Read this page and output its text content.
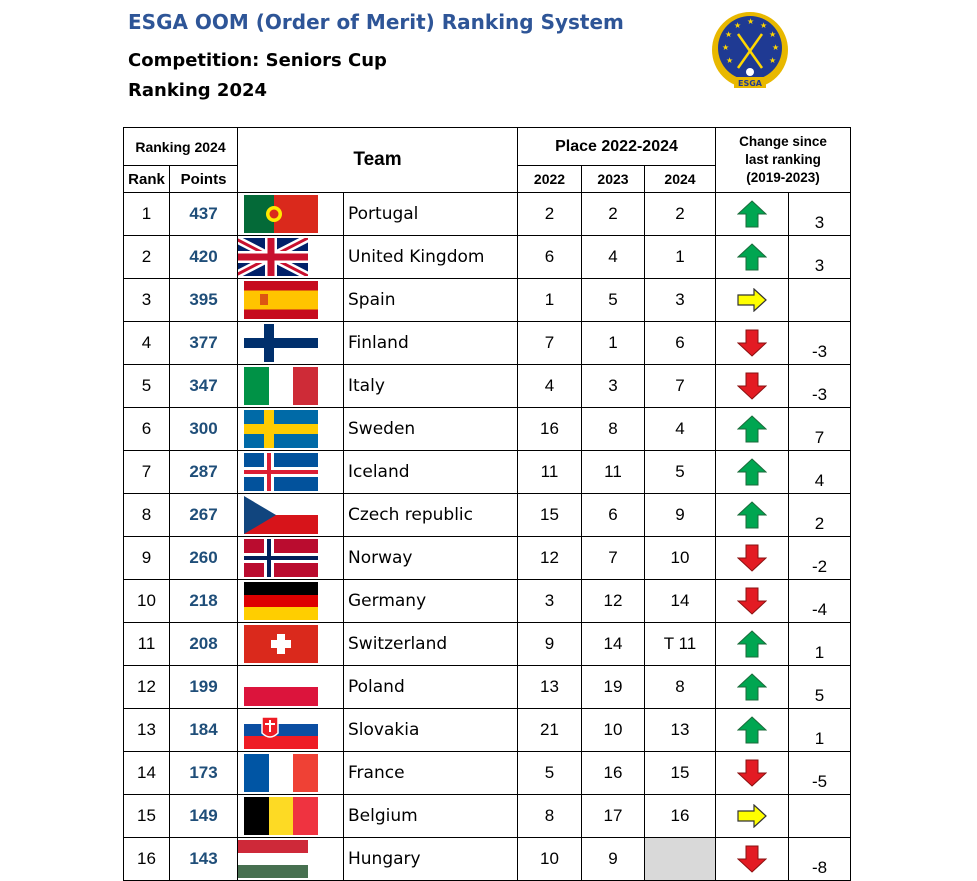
ESGA OOM (Order of Merit) Ranking System
Competition: Seniors Cup
Ranking 2024
★ ★
★
★
★
★
★
★	★
ESGA
Ranking 2024		Team		Place 2022-2024			Change since
last ranking
(2019-2023)	

Rank	Points			2022	2023	2024		
1	437		Portugal	2	2	2		3
2	420		United Kingdom	6	4	1		3
3	395		Spain	1	5	3	

4	377		Finland	7	1	6		-3
5	347		Italy	4	3	7		-3
6	300		Sweden	16	8	4		7
7	287		Iceland	11	11	5		4
8	267		Czech republic	15	6	9		2
9	260		Norway	12	7	10		-2
10	218		Germany	3	12	14		-4
11	208		Switzerland	9	14	T 11		1
12	199		Poland	13	19	8		5
13	184		Slovakia	21	10	13		1
14	173		France	5	16	15		-5
15	149		Belgium	8	17	16	

16	143		Hungary	10	9			-8
